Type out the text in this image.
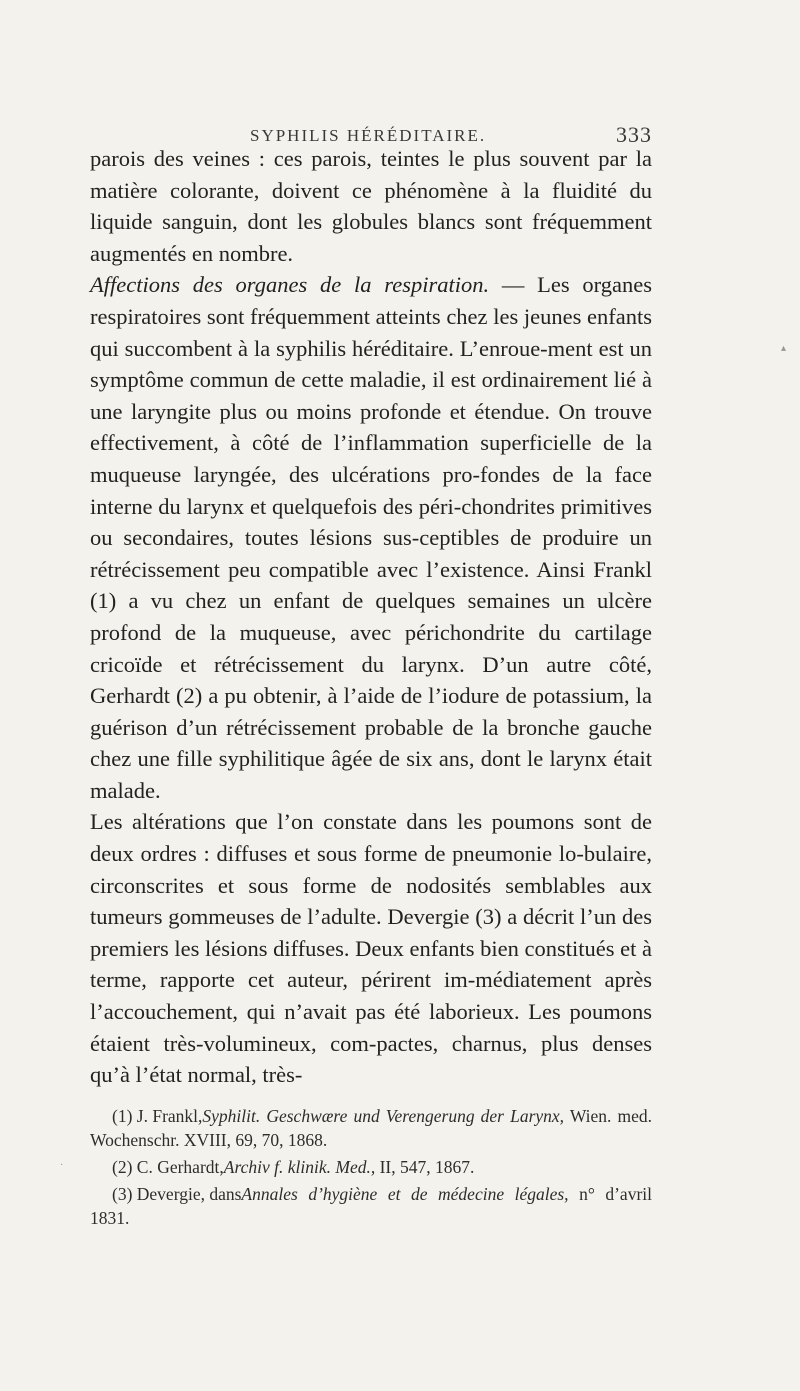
SYPHILIS HÉRÉDITAIRE.	333

parois des veines : ces parois, teintes le plus souvent par la matière colorante, doivent ce phénomène à la fluidité du liquide sanguin, dont les globules blancs sont fréquemment augmentés en nombre.

Affections des organes de la respiration. — Les organes respiratoires sont fréquemment atteints chez les jeunes enfants qui succombent à la syphilis héréditaire. L’enroue-ment est un symptôme commun de cette maladie, il est ordinairement lié à une laryngite plus ou moins profonde et étendue. On trouve effectivement, à côté de l’inflammation superficielle de la muqueuse laryngée, des ulcérations pro-fondes de la face interne du larynx et quelquefois des péri-chondrites primitives ou secondaires, toutes lésions sus-ceptibles de produire un rétrécissement peu compatible avec l’existence. Ainsi Frankl (1) a vu chez un enfant de quelques semaines un ulcère profond de la muqueuse, avec périchondrite du cartilage cricoïde et rétrécissement du larynx. D’un autre côté, Gerhardt (2) a pu obtenir, à l’aide de l’iodure de potassium, la guérison d’un rétrécissement probable de la bronche gauche chez une fille syphilitique âgée de six ans, dont le larynx était malade.

Les altérations que l’on constate dans les poumons sont de deux ordres : diffuses et sous forme de pneumonie lo-bulaire, circonscrites et sous forme de nodosités semblables aux tumeurs gommeuses de l’adulte. Devergie (3) a décrit l’un des premiers les lésions diffuses. Deux enfants bien constitués et à terme, rapporte cet auteur, périrent im-médiatement après l’accouchement, qui n’avait pas été laborieux. Les poumons étaient très-volumineux, com-pactes, charnus, plus denses qu’à l’état normal, très-

(1) J. Frankl,Syphilit. Geschwære und Verengerung der Larynx, Wien. med. Wochenschr. XVIII, 69, 70, 1868.

(2) C. Gerhardt,Archiv f. klinik. Med., II, 547, 1867.

(3) Devergie, dansAnnales d’hygiène et de médecine légales, n° d’avril 1831.

▴
·
